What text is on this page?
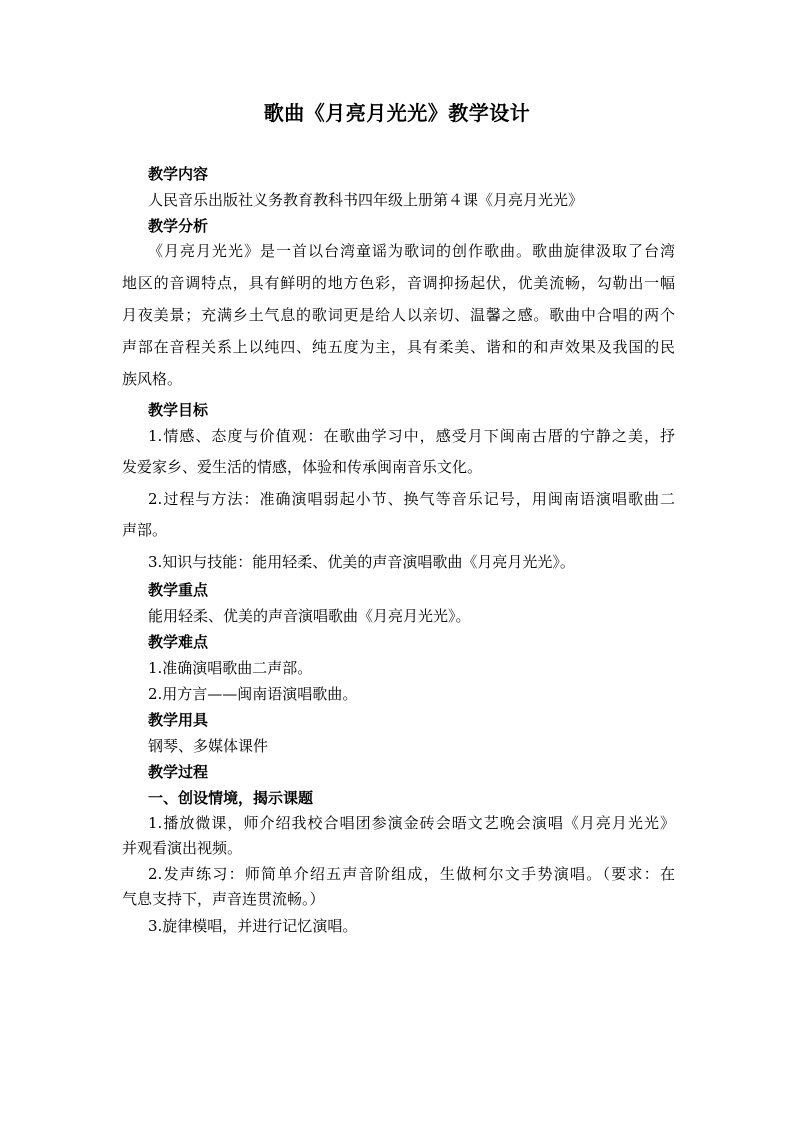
歌曲《月亮月光光》教学设计
教学内容
人民音乐出版社义务教育教科书四年级上册第４课《月亮月光光》
教学分析
《月亮月光光》是一首以台湾童谣为歌词的创作歌曲。歌曲旋律汲取了台湾
地区的音调特点，具有鲜明的地方色彩，音调抑扬起伏，优美流畅，勾勒出一幅
月夜美景；充满乡土气息的歌词更是给人以亲切、温馨之感。歌曲中合唱的两个
声部在音程关系上以纯四、纯五度为主，具有柔美、谐和的和声效果及我国的民
族风格。
教学目标
1.情感、态度与价值观：在歌曲学习中，感受月下闽南古厝的宁静之美，抒
发爱家乡、爱生活的情感，体验和传承闽南音乐文化。
2.过程与方法：准确演唱弱起小节、换气等音乐记号，用闽南语演唱歌曲二
声部。
3.知识与技能：能用轻柔、优美的声音演唱歌曲《月亮月光光》。
教学重点
能用轻柔、优美的声音演唱歌曲《月亮月光光》。
教学难点
1.准确演唱歌曲二声部。
2.用方言——闽南语演唱歌曲。
教学用具
钢琴、多媒体课件
教学过程
一、创设情境，揭示课题
1.播放微课，师介绍我校合唱团参演金砖会晤文艺晚会演唱《月亮月光光》
并观看演出视频。
2.发声练习：师简单介绍五声音阶组成，生做柯尔文手势演唱。（要求：在
气息支持下，声音连贯流畅。）
3.旋律模唱，并进行记忆演唱。
